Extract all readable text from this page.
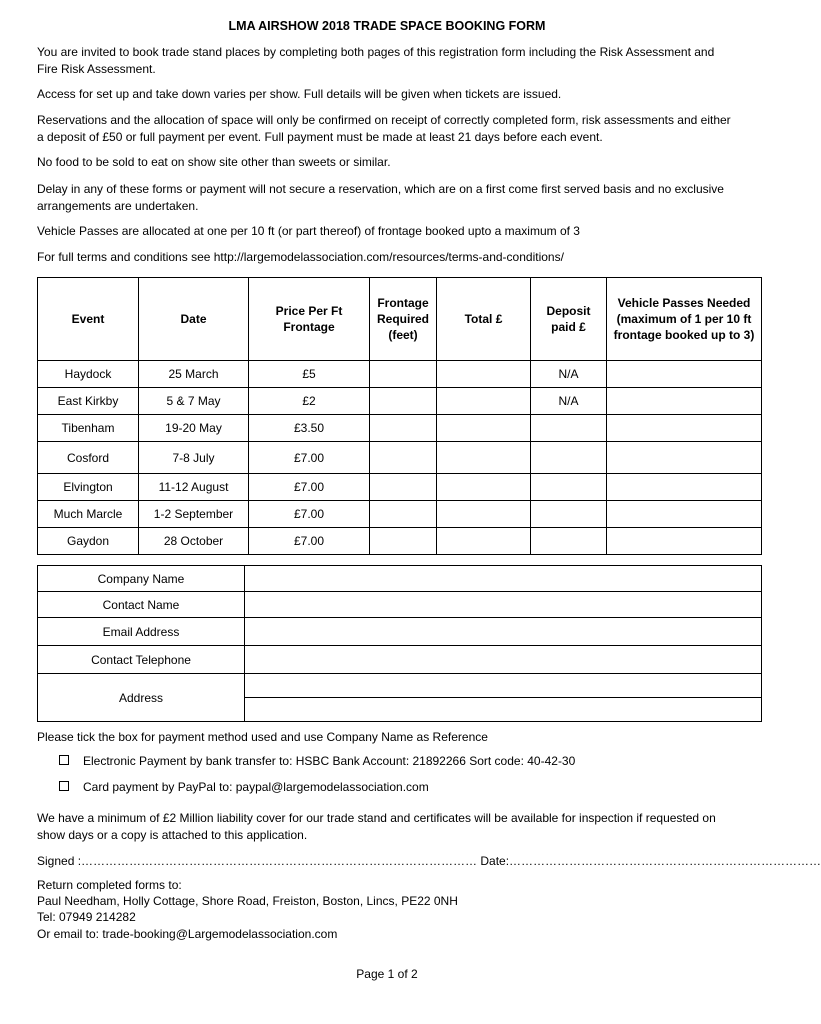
LMA AIRSHOW 2018 TRADE SPACE BOOKING FORM
You are invited to book trade stand places by completing both pages of this registration form including the Risk Assessment and Fire Risk Assessment.
Access for set up and take down varies per show. Full details will be given when tickets are issued.
Reservations and the allocation of space will only be confirmed on receipt of correctly completed form, risk assessments and either a deposit of £50 or full payment per event. Full payment must be made at least 21 days before each event.
No food to be sold to eat on show site other than sweets or similar.
Delay in any of these forms or payment will not secure a reservation, which are on a first come first served basis and no exclusive arrangements are undertaken.
Vehicle Passes are allocated at one per 10 ft (or part thereof) of frontage booked upto a maximum of 3
For full terms and conditions see http://largemodelassociation.com/resources/terms-and-conditions/
Event	Date	Price Per Ft Frontage	Frontage Required (feet)	Total £	Deposit paid £	Vehicle Passes Needed (maximum of 1 per 10 ft frontage booked up to 3)
Haydock	25 March	£5			N/A	
East Kirkby	5 & 7 May	£2			N/A	
Tibenham	19-20 May	£3.50				
Cosford	7-8 July	£7.00				
Elvington	11-12 August	£7.00				
Much Marcle	1-2 September	£7.00				
Gaydon	28 October	£7.00				
Company Name	
Contact Name	
Email Address	
Contact Telephone	
Address	

Please tick the box for payment method used and use Company Name as Reference
Electronic Payment by bank transfer to: HSBC Bank Account: 21892266 Sort code: 40-42-30
Card payment by PayPal to: paypal@largemodelassociation.com
We have a minimum of £2 Million liability cover for our trade stand and certificates will be available for inspection if requested on show days or a copy is attached to this application.
Signed :……………………………………………………………………………………… Date:……………………………………………………………………
Return completed forms to:
Paul Needham, Holly Cottage, Shore Road, Freiston, Boston, Lincs, PE22 0NH
Tel: 07949 214282
Or email to: trade-booking@Largemodelassociation.com
Page 1 of 2
